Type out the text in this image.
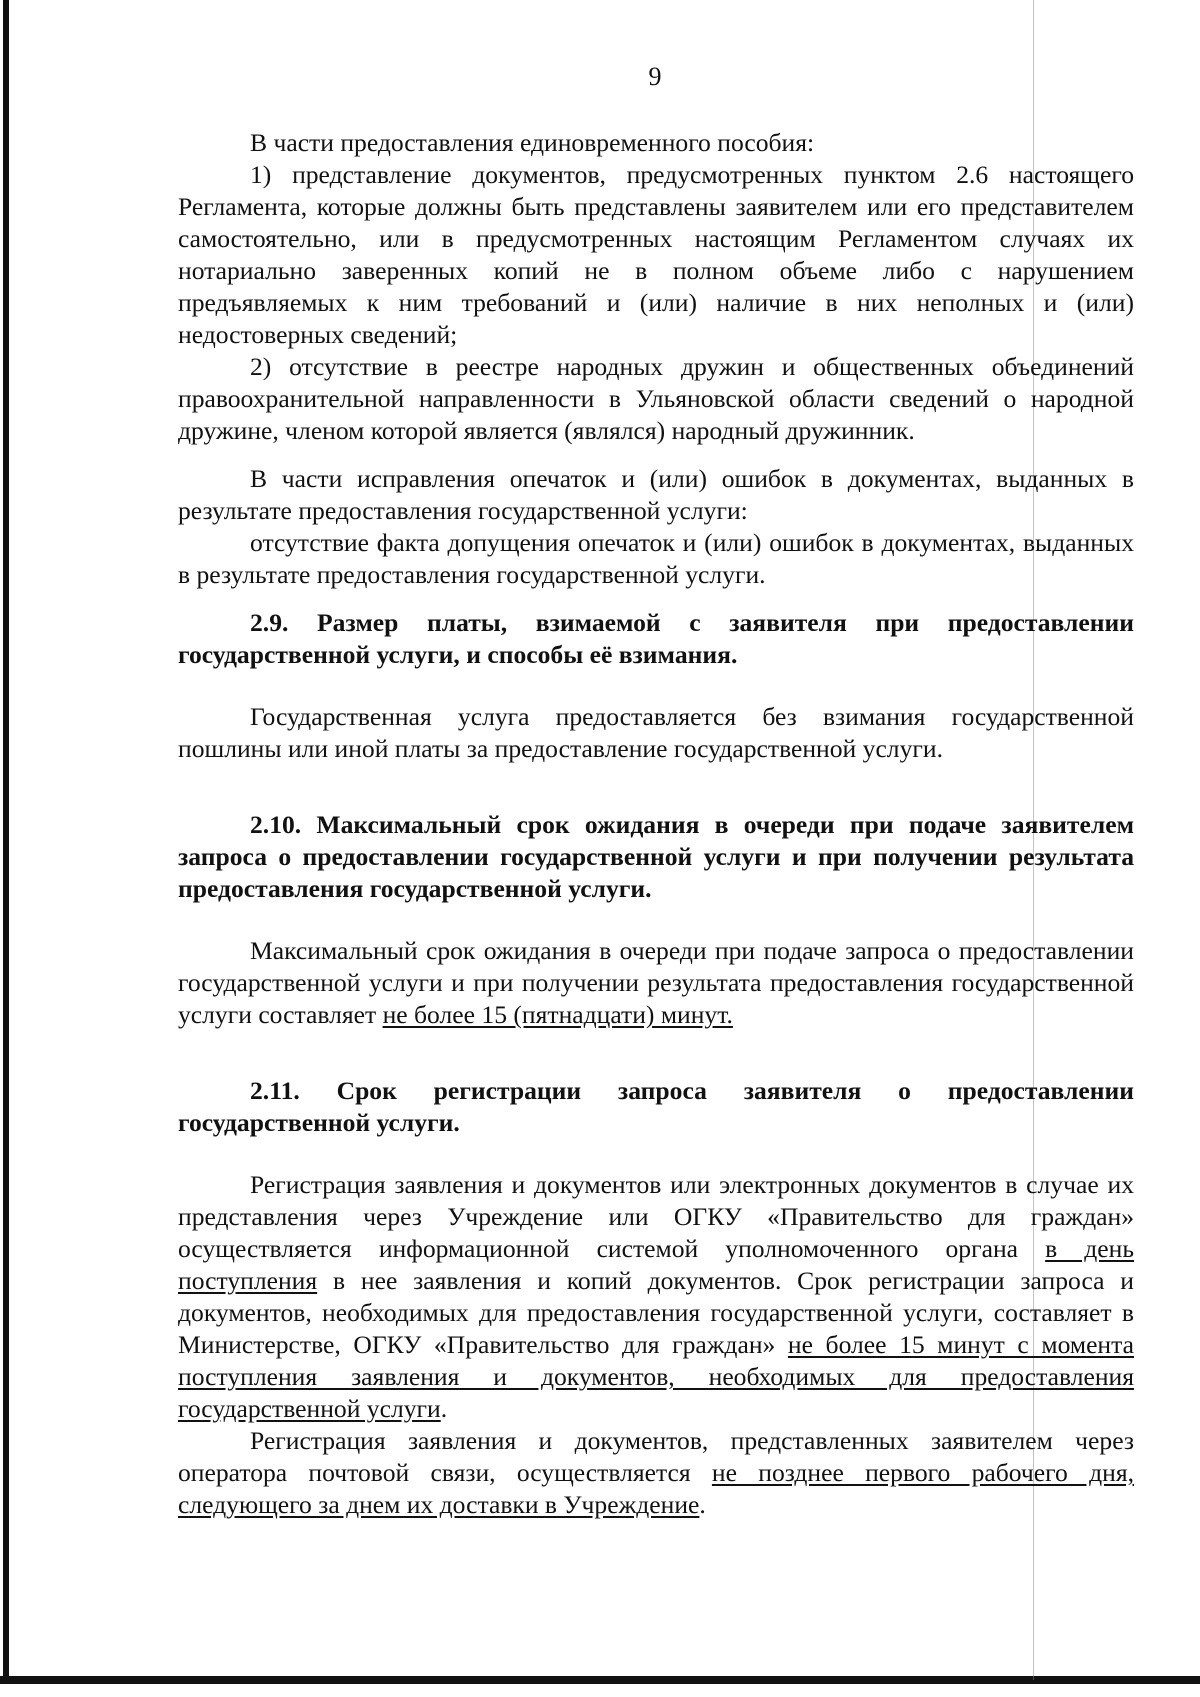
9

В части предоставления единовременного пособия:

1) представление документов, предусмотренных пунктом 2.6 настоящего Регламента, которые должны быть представлены заявителем или его представителем самостоятельно, или в предусмотренных настоящим Регламентом случаях их нотариально заверенных копий не в полном объеме либо с нарушением предъявляемых к ним требований и (или) наличие в них неполных и (или) недостоверных сведений;

2) отсутствие в реестре народных дружин и общественных объединений правоохранительной направленности в Ульяновской области сведений о народной дружине, членом которой является (являлся) народный дружинник.

В части исправления опечаток и (или) ошибок в документах, выданных в результате предоставления государственной услуги:

отсутствие факта допущения опечаток и (или) ошибок в документах, выданных в результате предоставления государственной услуги.

2.9. Размер платы, взимаемой с заявителя при предоставлении государственной услуги, и способы её взимания.

Государственная услуга предоставляется без взимания государственной пошлины или иной платы за предоставление государственной услуги.

2.10. Максимальный срок ожидания в очереди при подаче заявителем запроса о предоставлении государственной услуги и при получении результата предоставления государственной услуги.

Максимальный срок ожидания в очереди при подаче запроса о предоставлении государственной услуги и при получении результата предоставления государственной услуги составляет не более 15 (пятнадцати) минут.

2.11. Срок регистрации запроса заявителя о предоставлении государственной услуги.

Регистрация заявления и документов или электронных документов в случае их представления через Учреждение или ОГКУ «Правительство для граждан» осуществляется информационной системой уполномоченного органа в день поступления в нее заявления и копий документов. Срок регистрации запроса и документов, необходимых для предоставления государственной услуги, составляет в Министерстве, ОГКУ «Правительство для граждан» не более 15 минут с момента поступления заявления и документов, необходимых для предоставления государственной услуги.

Регистрация заявления и документов, представленных заявителем через оператора почтовой связи, осуществляется не позднее первого рабочего дня, следующего за днем их доставки в Учреждение.
